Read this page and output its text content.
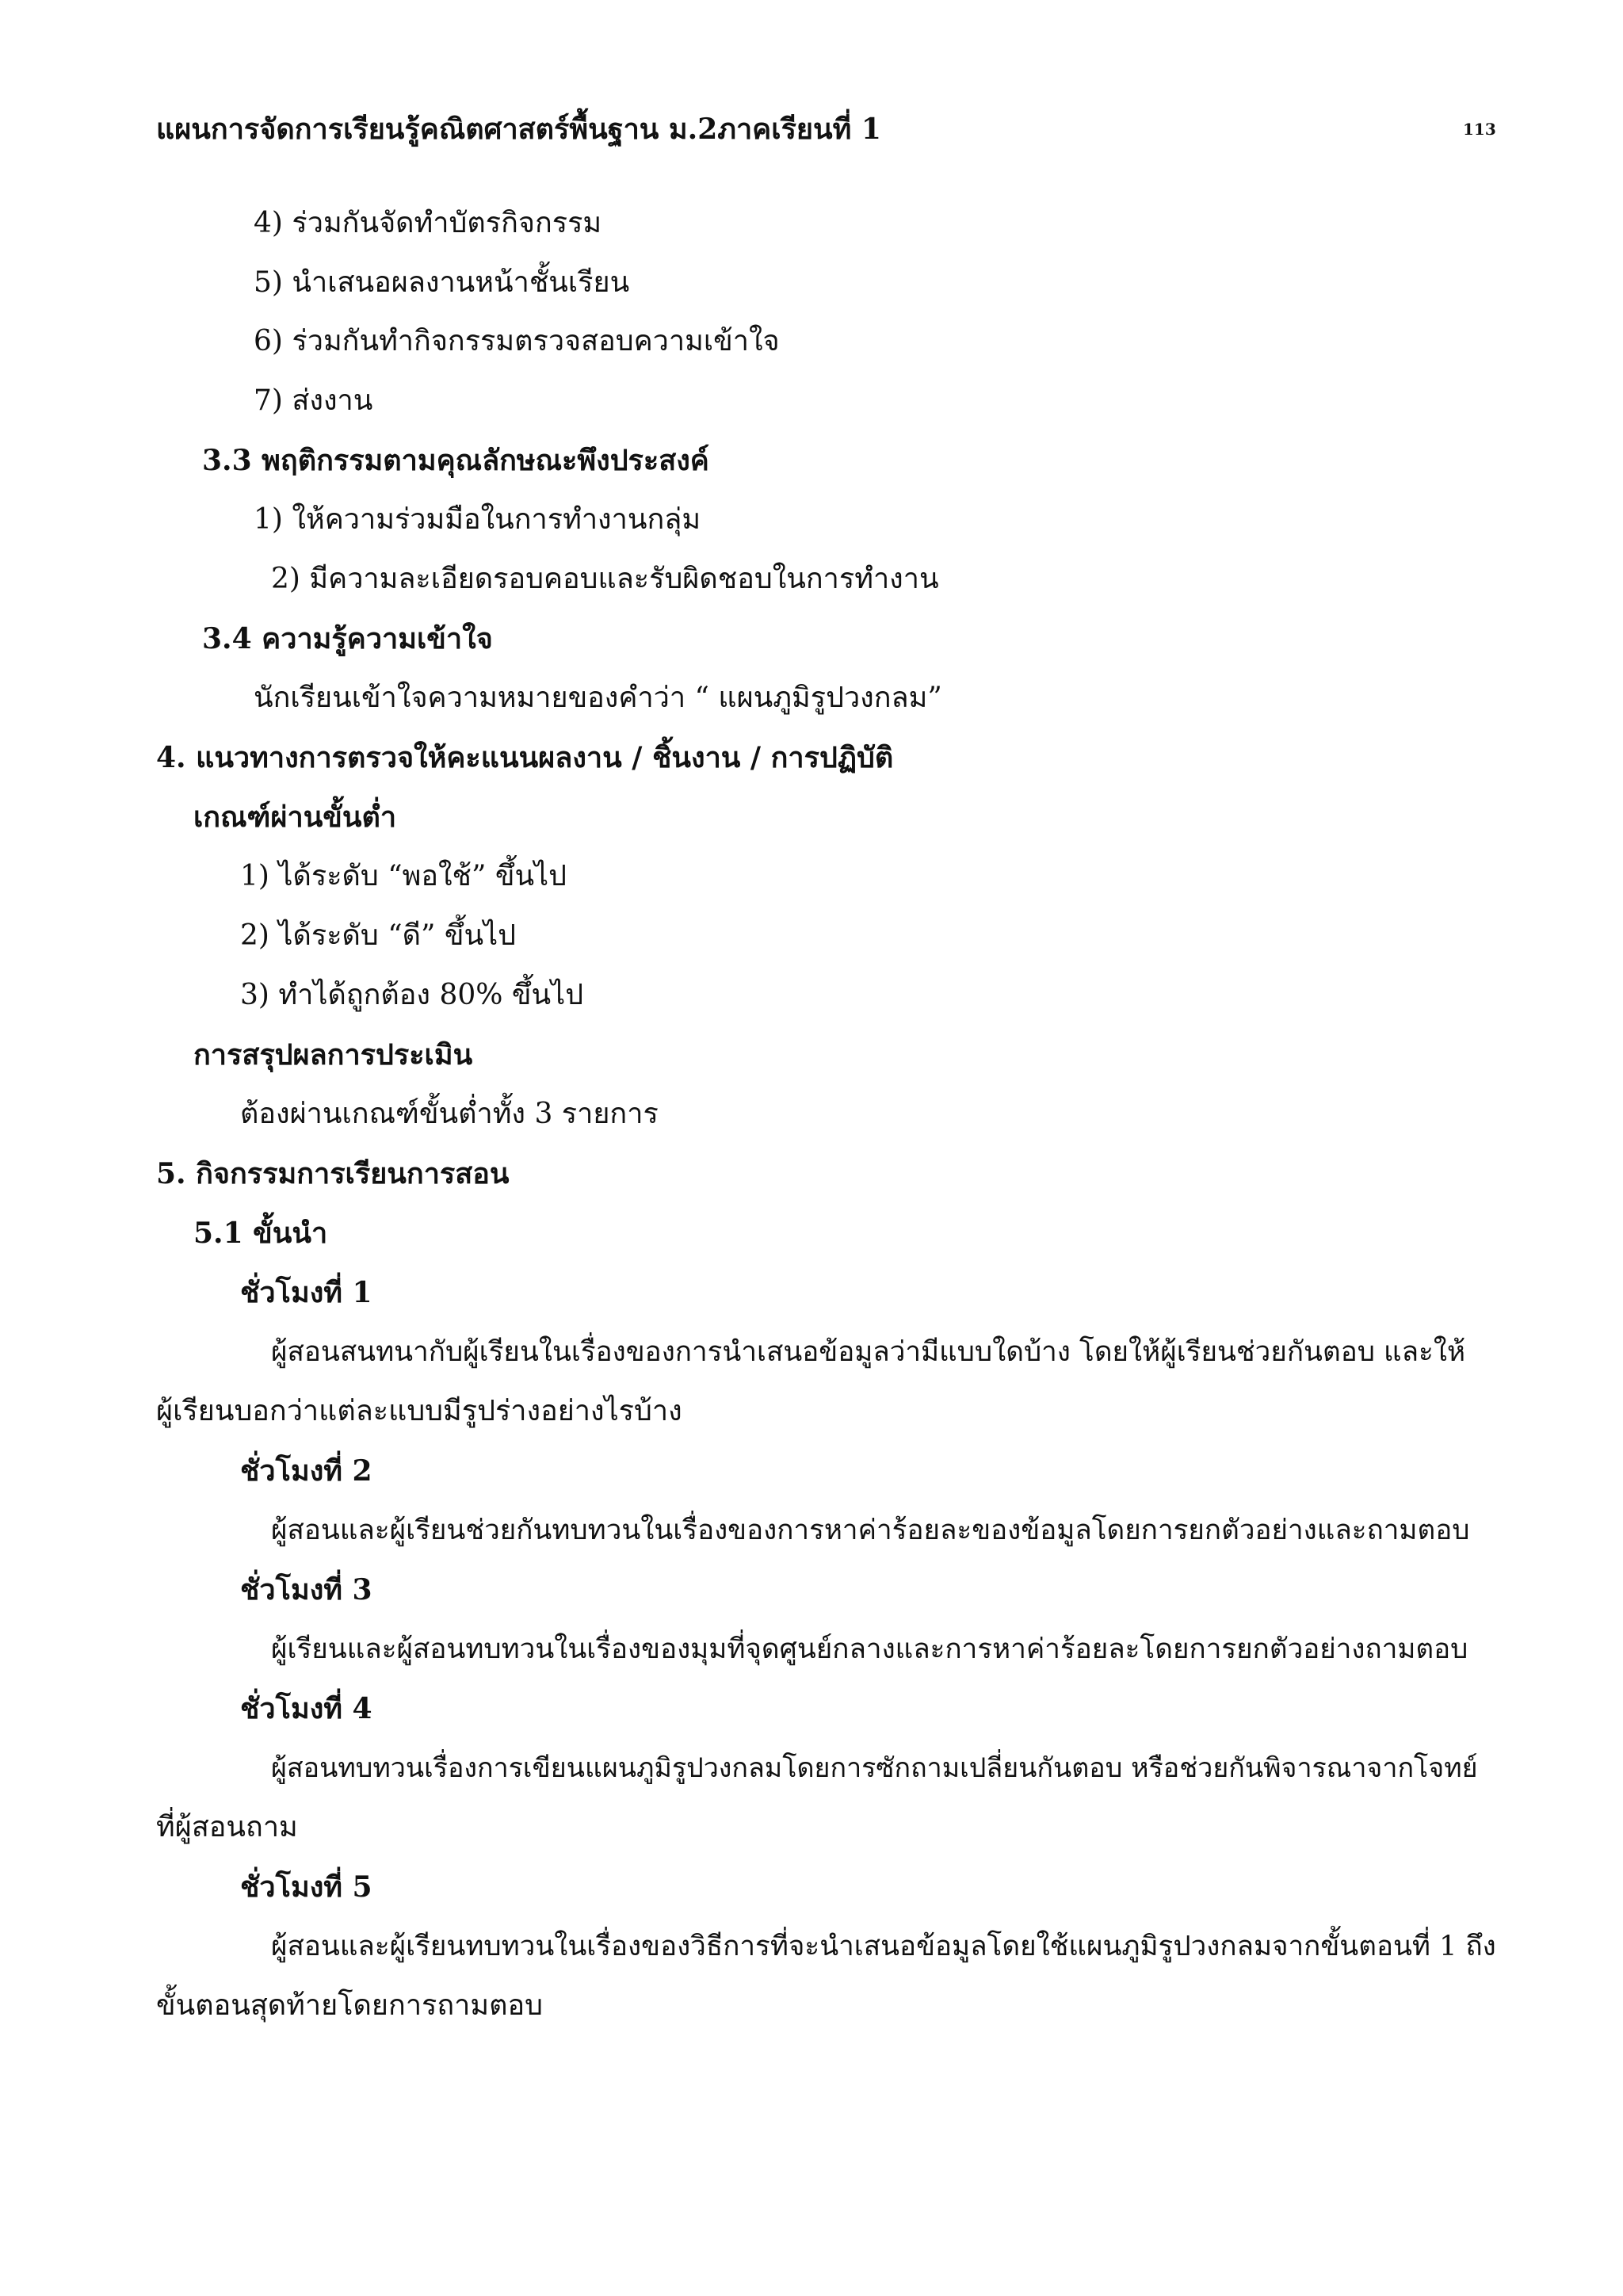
แผนการจัดการเรียนรู้คณิตศาสตร์พื้นฐาน ม.2ภาคเรียนที่ 1	113
4) ร่วมกันจัดทำบัตรกิจกรรม
5) นำเสนอผลงานหน้าชั้นเรียน
6) ร่วมกันทำกิจกรรมตรวจสอบความเข้าใจ
7) ส่งงาน
3.3 พฤติกรรมตามคุณลักษณะพึงประสงค์
1) ให้ความร่วมมือในการทำงานกลุ่ม
2) มีความละเอียดรอบคอบและรับผิดชอบในการทำงาน
3.4 ความรู้ความเข้าใจ
นักเรียนเข้าใจความหมายของคำว่า “ แผนภูมิรูปวงกลม”
4. แนวทางการตรวจให้คะแนนผลงาน / ชิ้นงาน / การปฏิบัติ
เกณฑ์ผ่านขั้นต่ำ
1) ได้ระดับ “พอใช้” ขึ้นไป
2) ได้ระดับ “ดี” ขึ้นไป
3) ทำได้ถูกต้อง 80% ขึ้นไป
การสรุปผลการประเมิน
ต้องผ่านเกณฑ์ขั้นต่ำทั้ง 3 รายการ
5. กิจกรรมการเรียนการสอน
5.1 ขั้นนำ
ชั่วโมงที่ 1
ผู้สอนสนทนากับผู้เรียนในเรื่องของการนำเสนอข้อมูลว่ามีแบบใดบ้าง โดยให้ผู้เรียนช่วยกันตอบ และให้
ผู้เรียนบอกว่าแต่ละแบบมีรูปร่างอย่างไรบ้าง
ชั่วโมงที่ 2
ผู้สอนและผู้เรียนช่วยกันทบทวนในเรื่องของการหาค่าร้อยละของข้อมูลโดยการยกตัวอย่างและถามตอบ
ชั่วโมงที่ 3
ผู้เรียนและผู้สอนทบทวนในเรื่องของมุมที่จุดศูนย์กลางและการหาค่าร้อยละโดยการยกตัวอย่างถามตอบ
ชั่วโมงที่ 4
ผู้สอนทบทวนเรื่องการเขียนแผนภูมิรูปวงกลมโดยการซักถามเปลี่ยนกันตอบ หรือช่วยกันพิจารณาจากโจทย์
ที่ผู้สอนถาม
ชั่วโมงที่ 5
ผู้สอนและผู้เรียนทบทวนในเรื่องของวิธีการที่จะนำเสนอข้อมูลโดยใช้แผนภูมิรูปวงกลมจากขั้นตอนที่ 1 ถึง
ขั้นตอนสุดท้ายโดยการถามตอบ
